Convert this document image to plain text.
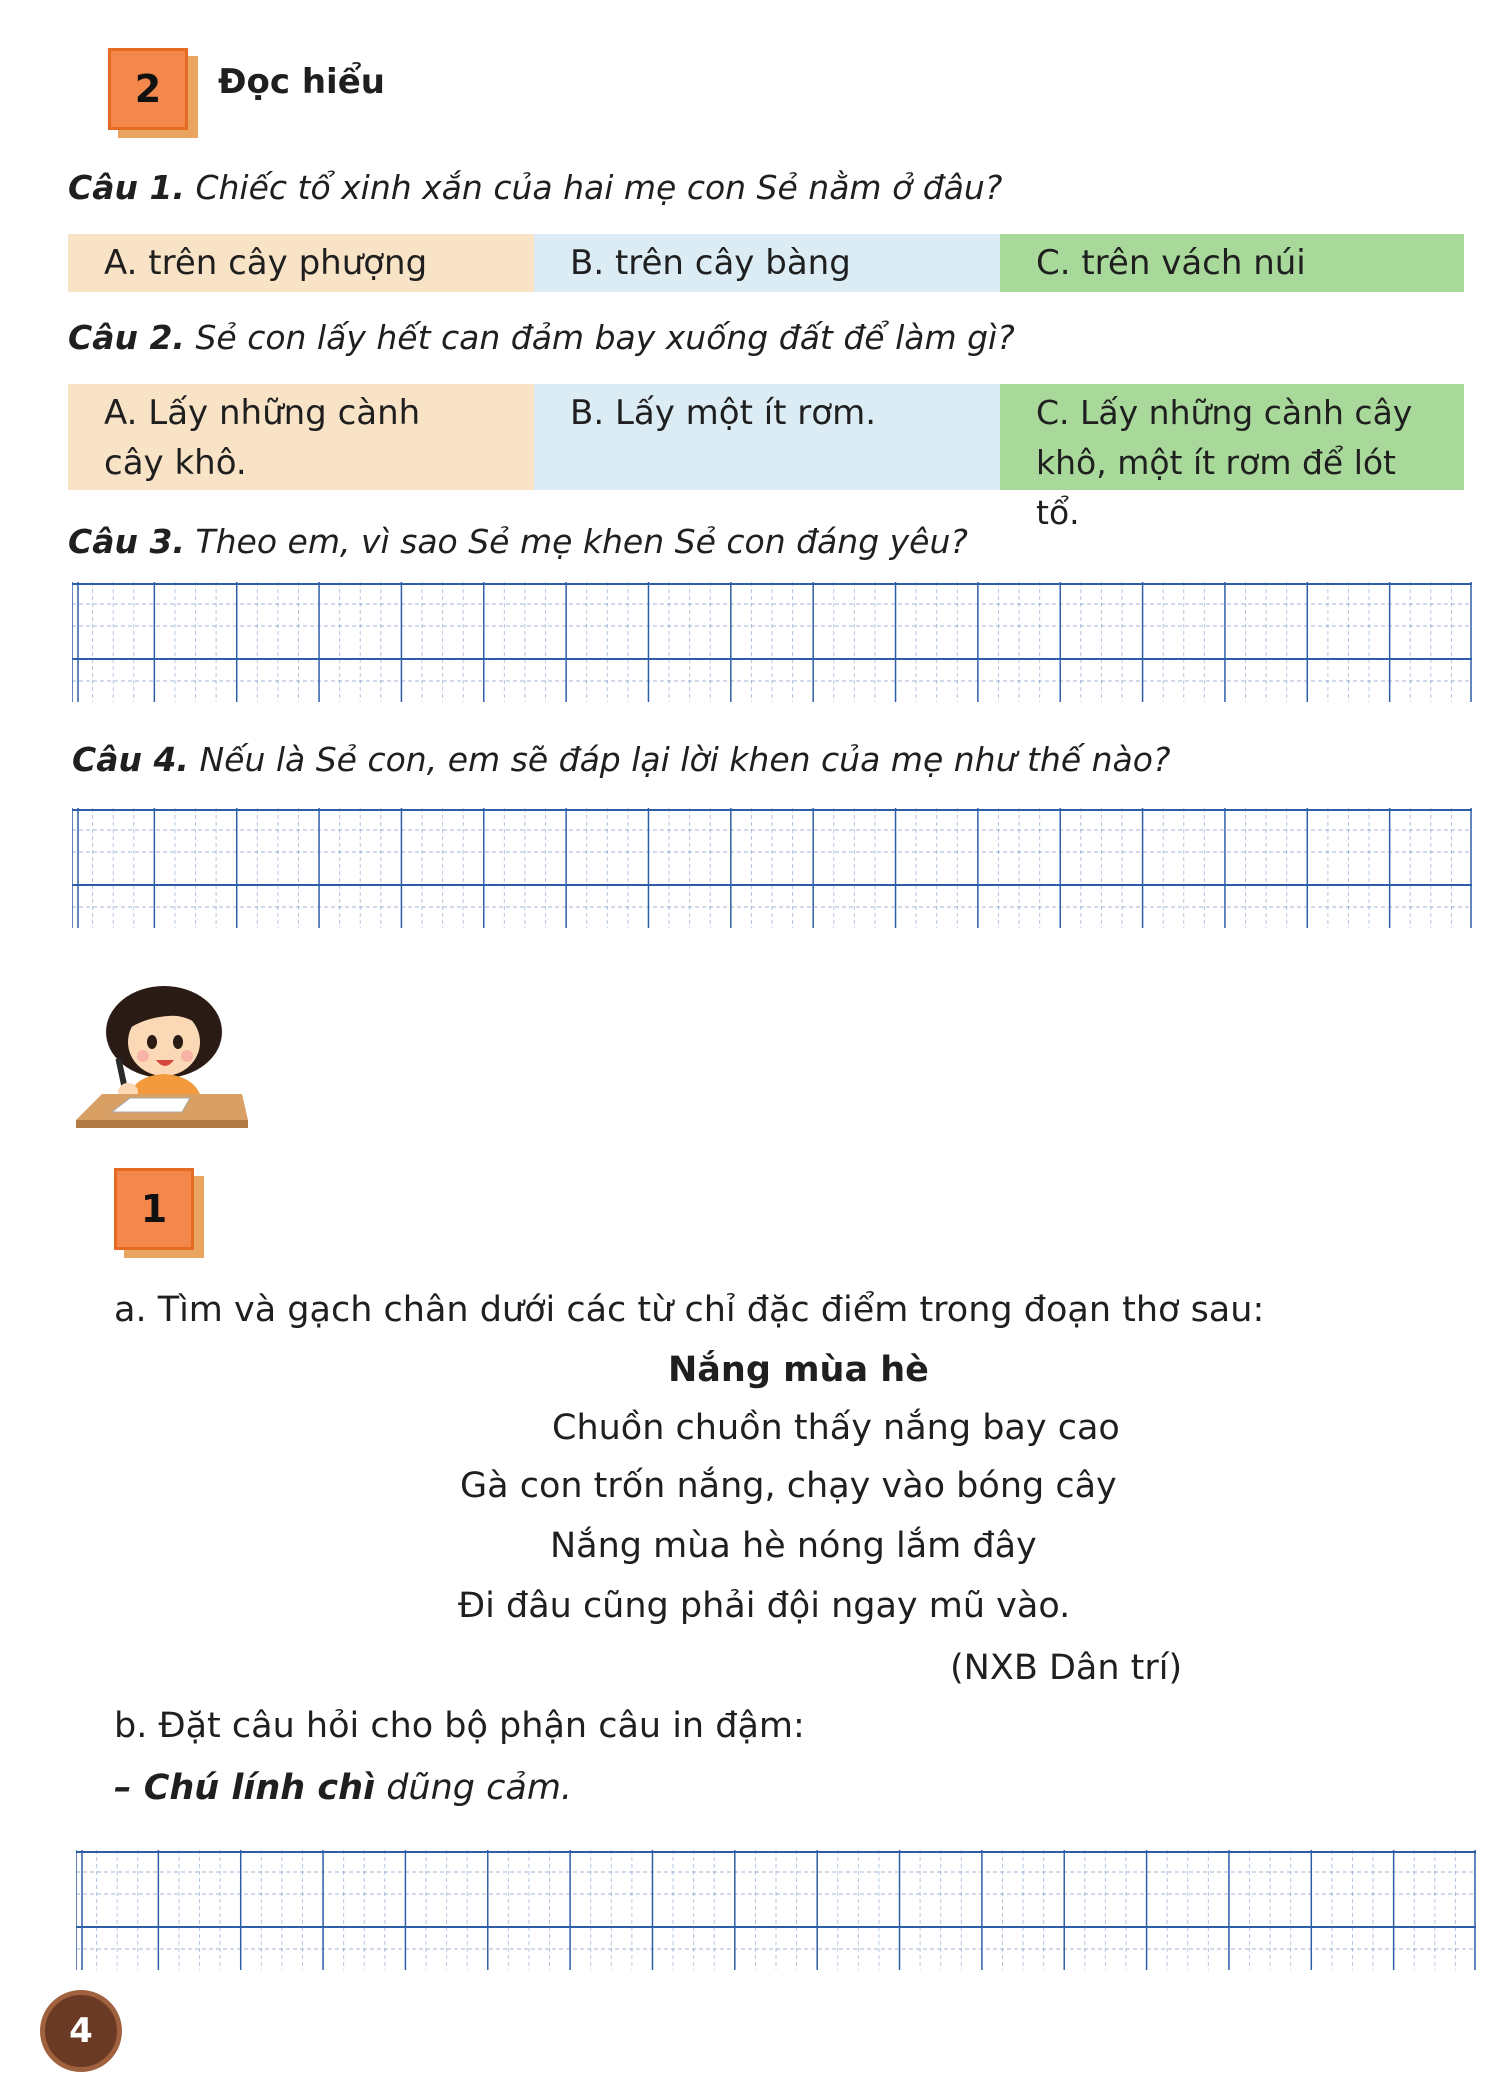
2	Đọc hiểu
Câu 1. Chiếc tổ xinh xắn của hai mẹ con Sẻ nằm ở đâu?
A. trên cây phượng	B. trên cây bàng	C. trên vách núi
Câu 2. Sẻ con lấy hết can đảm bay xuống đất để làm gì?
A. Lấy những cành cây khô.
B. Lấy một ít rơm.	C. Lấy những cành cây khô, một ít rơm để lót tổ.
Câu 3. Theo em, vì sao Sẻ mẹ khen Sẻ con đáng yêu?
Câu 4. Nếu là Sẻ con, em sẽ đáp lại lời khen của mẹ như thế nào?
1
a. Tìm và gạch chân dưới các từ chỉ đặc điểm trong đoạn thơ sau:
Nắng mùa hè
Chuồn chuồn thấy nắng bay cao
Gà con trốn nắng, chạy vào bóng cây
Nắng mùa hè nóng lắm đây
Đi đâu cũng phải đội ngay mũ vào.
(NXB Dân trí)
b. Đặt câu hỏi cho bộ phận câu in đậm:
– Chú lính chì dũng cảm.
4
